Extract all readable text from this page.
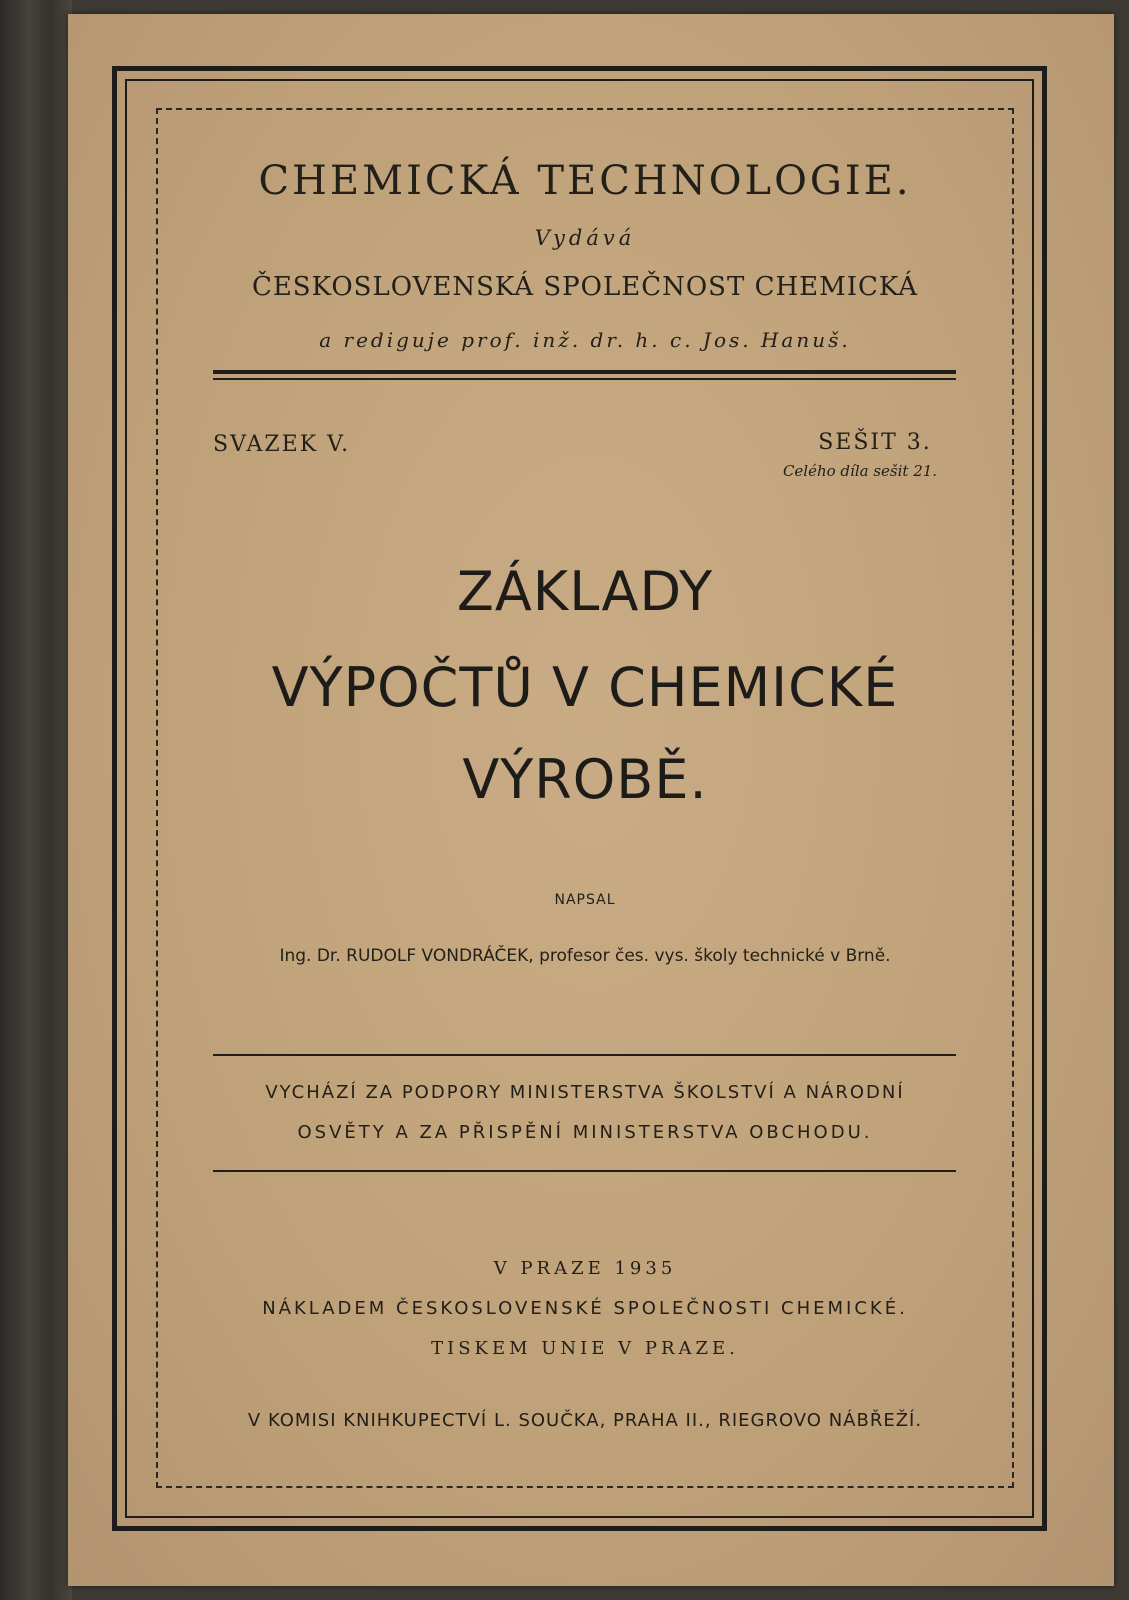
CHEMICKÁ TECHNOLOGIE.
Vydává
ČESKOSLOVENSKÁ SPOLEČNOST CHEMICKÁ
a rediguje prof. inž. dr. h. c. Jos. Hanuš.
SVAZEK V.	SEŠIT 3.
Celého díla sešit 21.
ZÁKLADY
VÝPOČTŮ V CHEMICKÉ
VÝROBĚ.
NAPSAL
Ing. Dr. RUDOLF VONDRÁČEK, profesor čes. vys. školy technické v Brně.
VYCHÁZÍ ZA PODPORY MINISTERSTVA ŠKOLSTVÍ A NÁRODNÍ
OSVĚTY A ZA PŘISPĚNÍ MINISTERSTVA OBCHODU.
V PRAZE 1935
NÁKLADEM ČESKOSLOVENSKÉ SPOLEČNOSTI CHEMICKÉ.
TISKEM UNIE V PRAZE.
V KOMISI KNIHKUPECTVÍ L. SOUČKA, PRAHA II., RIEGROVO NÁBŘEŽÍ.
